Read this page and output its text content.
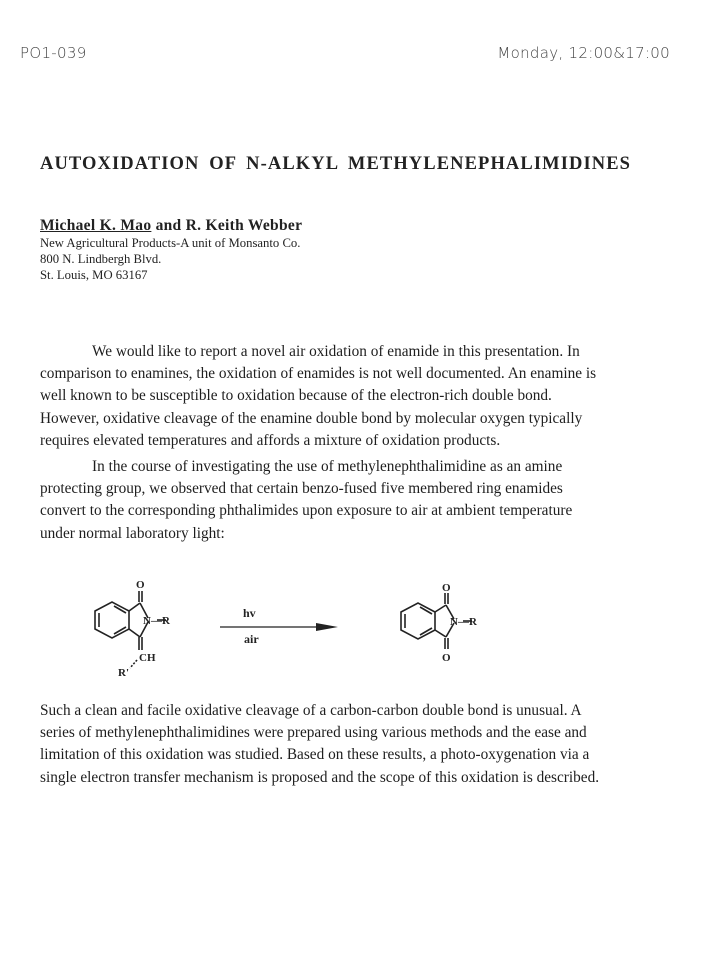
PO1-039	Monday, 12:00&17:00
AUTOXIDATION OF N-ALKYL METHYLENEPHALIMIDINES
Michael K. Mao and R. Keith Webber
New Agricultural Products-A unit of Monsanto Co.
800 N. Lindbergh Blvd.
St. Louis, MO 63167
We would like to report a novel air oxidation of enamide in this presentation. In
comparison to enamines, the oxidation of enamides is not well documented. An enamine is
well known to be susceptible to oxidation because of the electron-rich double bond.
However, oxidative cleavage of the enamine double bond by molecular oxygen typically
requires elevated temperatures and affords a mixture of oxidation products.
In the course of investigating the use of methylenephthalimidine as an amine
protecting group, we observed that certain benzo-fused five membered ring enamides
convert to the corresponding phthalimides upon exposure to air at ambient temperature
under normal laboratory light:
O
N—R
CH
R'
hv
air
O
O
N—R
Such a clean and facile oxidative cleavage of a carbon-carbon double bond is unusual. A
series of methylenephthalimidines were prepared using various methods and the ease and
limitation of this oxidation was studied. Based on these results, a photo-oxygenation via a
single electron transfer mechanism is proposed and the scope of this oxidation is described.
